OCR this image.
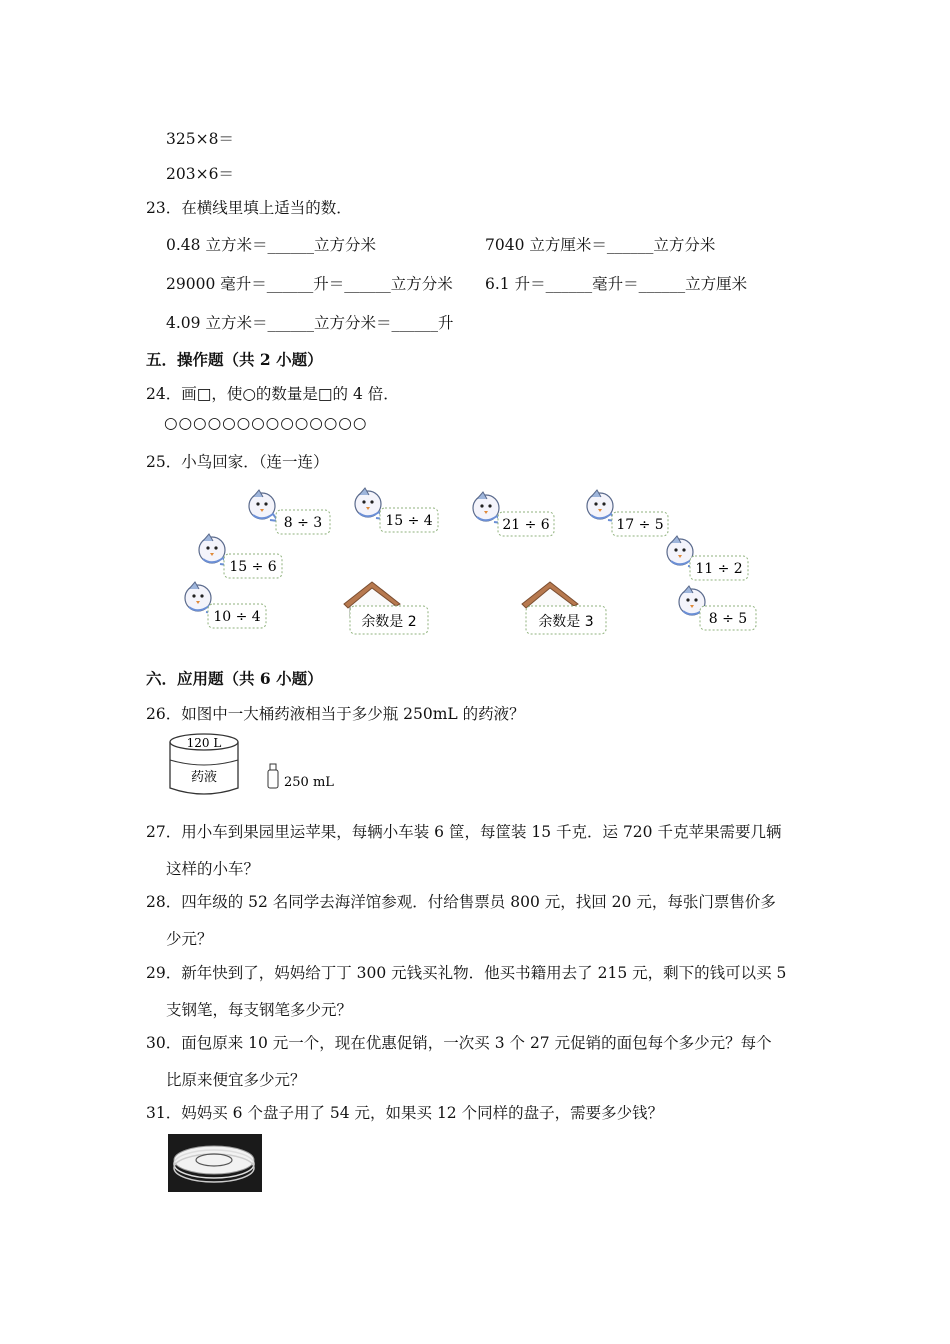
325×8＝
203×6＝
23．在横线里填上适当的数．
0.48 立方米＝______立方分米	7040 立方厘米＝______立方分米
29000 毫升＝______升＝______立方分米 6.1 升＝______毫升＝______立方厘米
4.09 立方米＝______立方分米＝______升
五．操作题（共 2 小题）
24．画□，使○的数量是□的 4 倍．
○○○○○○○○○○○○○○
25．小鸟回家．（连一连）
8 ÷ 3	15 ÷ 4	21 ÷ 6	17 ÷ 5
15 ÷ 6	11 ÷ 2
10 ÷ 4	8 ÷ 5
余数是 2	余数是 3
六．应用题（共 6 小题）
26．如图中一大桶药液相当于多少瓶 250mL 的药液？
120 L
药液	250 mL
27．用小车到果园里运苹果，每辆小车装 6 筐，每筐装 15 千克．运 720 千克苹果需要几辆
这样的小车？
28．四年级的 52 名同学去海洋馆参观．付给售票员 800 元，找回 20 元，每张门票售价多
少元？
29．新年快到了，妈妈给丁丁 300 元钱买礼物．他买书籍用去了 215 元，剩下的钱可以买 5
支钢笔，每支钢笔多少元？
30．面包原来 10 元一个，现在优惠促销，一次买 3 个 27 元促销的面包每个多少元？每个
比原来便宜多少元？
31．妈妈买 6 个盘子用了 54 元，如果买 12 个同样的盘子，需要多少钱？
